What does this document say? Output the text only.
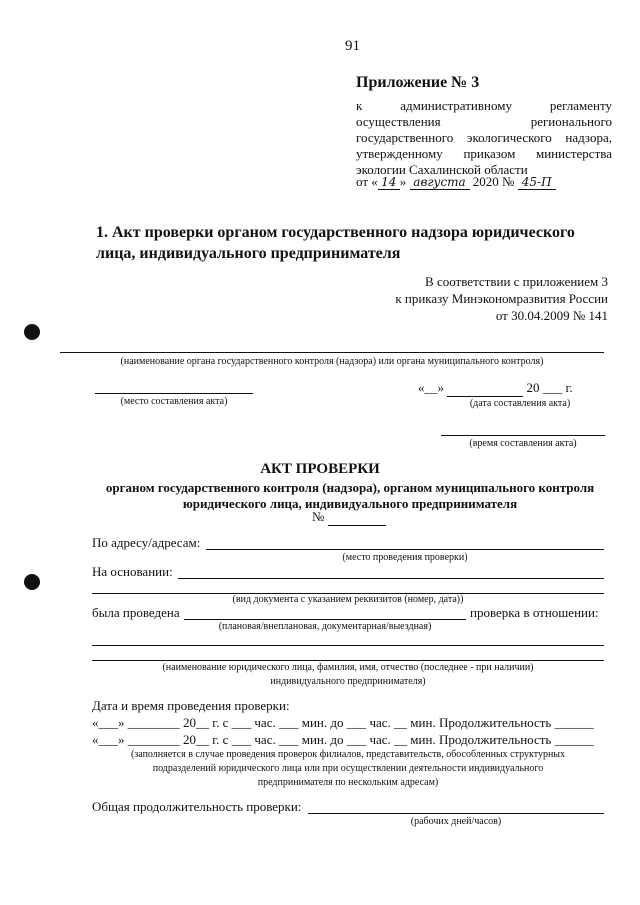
91
Приложение № 3
к административному регламенту
осуществления регионального
государственного экологического надзора,
утвержденному приказом министерства
экологии Сахалинской области
от « 14 » августа 2020 № 45-П
1. Акт проверки органом государственного надзора юридического лица, индивидуального предпринимателя
В соответствии с приложением 3
к приказу Минэкономразвития России
от 30.04.2009 № 141
(наименование органа государственного контроля (надзора) или органа муниципального контроля)
(место составления акта)
«__»	20 ___ г.
(дата составления акта)
(время составления акта)
АКТ ПРОВЕРКИ
органом государственного контроля (надзора), органом муниципального контроля
юридического лица, индивидуального предпринимателя
№
По адресу/адресам:
(место проведения проверки)
На основании:
(вид документа с указанием реквизитов (номер, дата))
была проведена	проверка в отношении:
(плановая/внеплановая, документарная/выездная)
(наименование юридического лица, фамилия, имя, отчество (последнее - при наличии)
индивидуального предпринимателя)
Дата и время проведения проверки:
«___» ________ 20__ г. с ___ час. ___ мин. до ___ час. __ мин. Продолжительность ______
«___» ________ 20__ г. с ___ час. ___ мин. до ___ час. __ мин. Продолжительность ______
(заполняется в случае проведения проверок филиалов, представительств, обособленных структурных
подразделений юридического лица или при осуществлении деятельности индивидуального
предпринимателя по нескольким адресам)
Общая продолжительность проверки:
(рабочих дней/часов)
